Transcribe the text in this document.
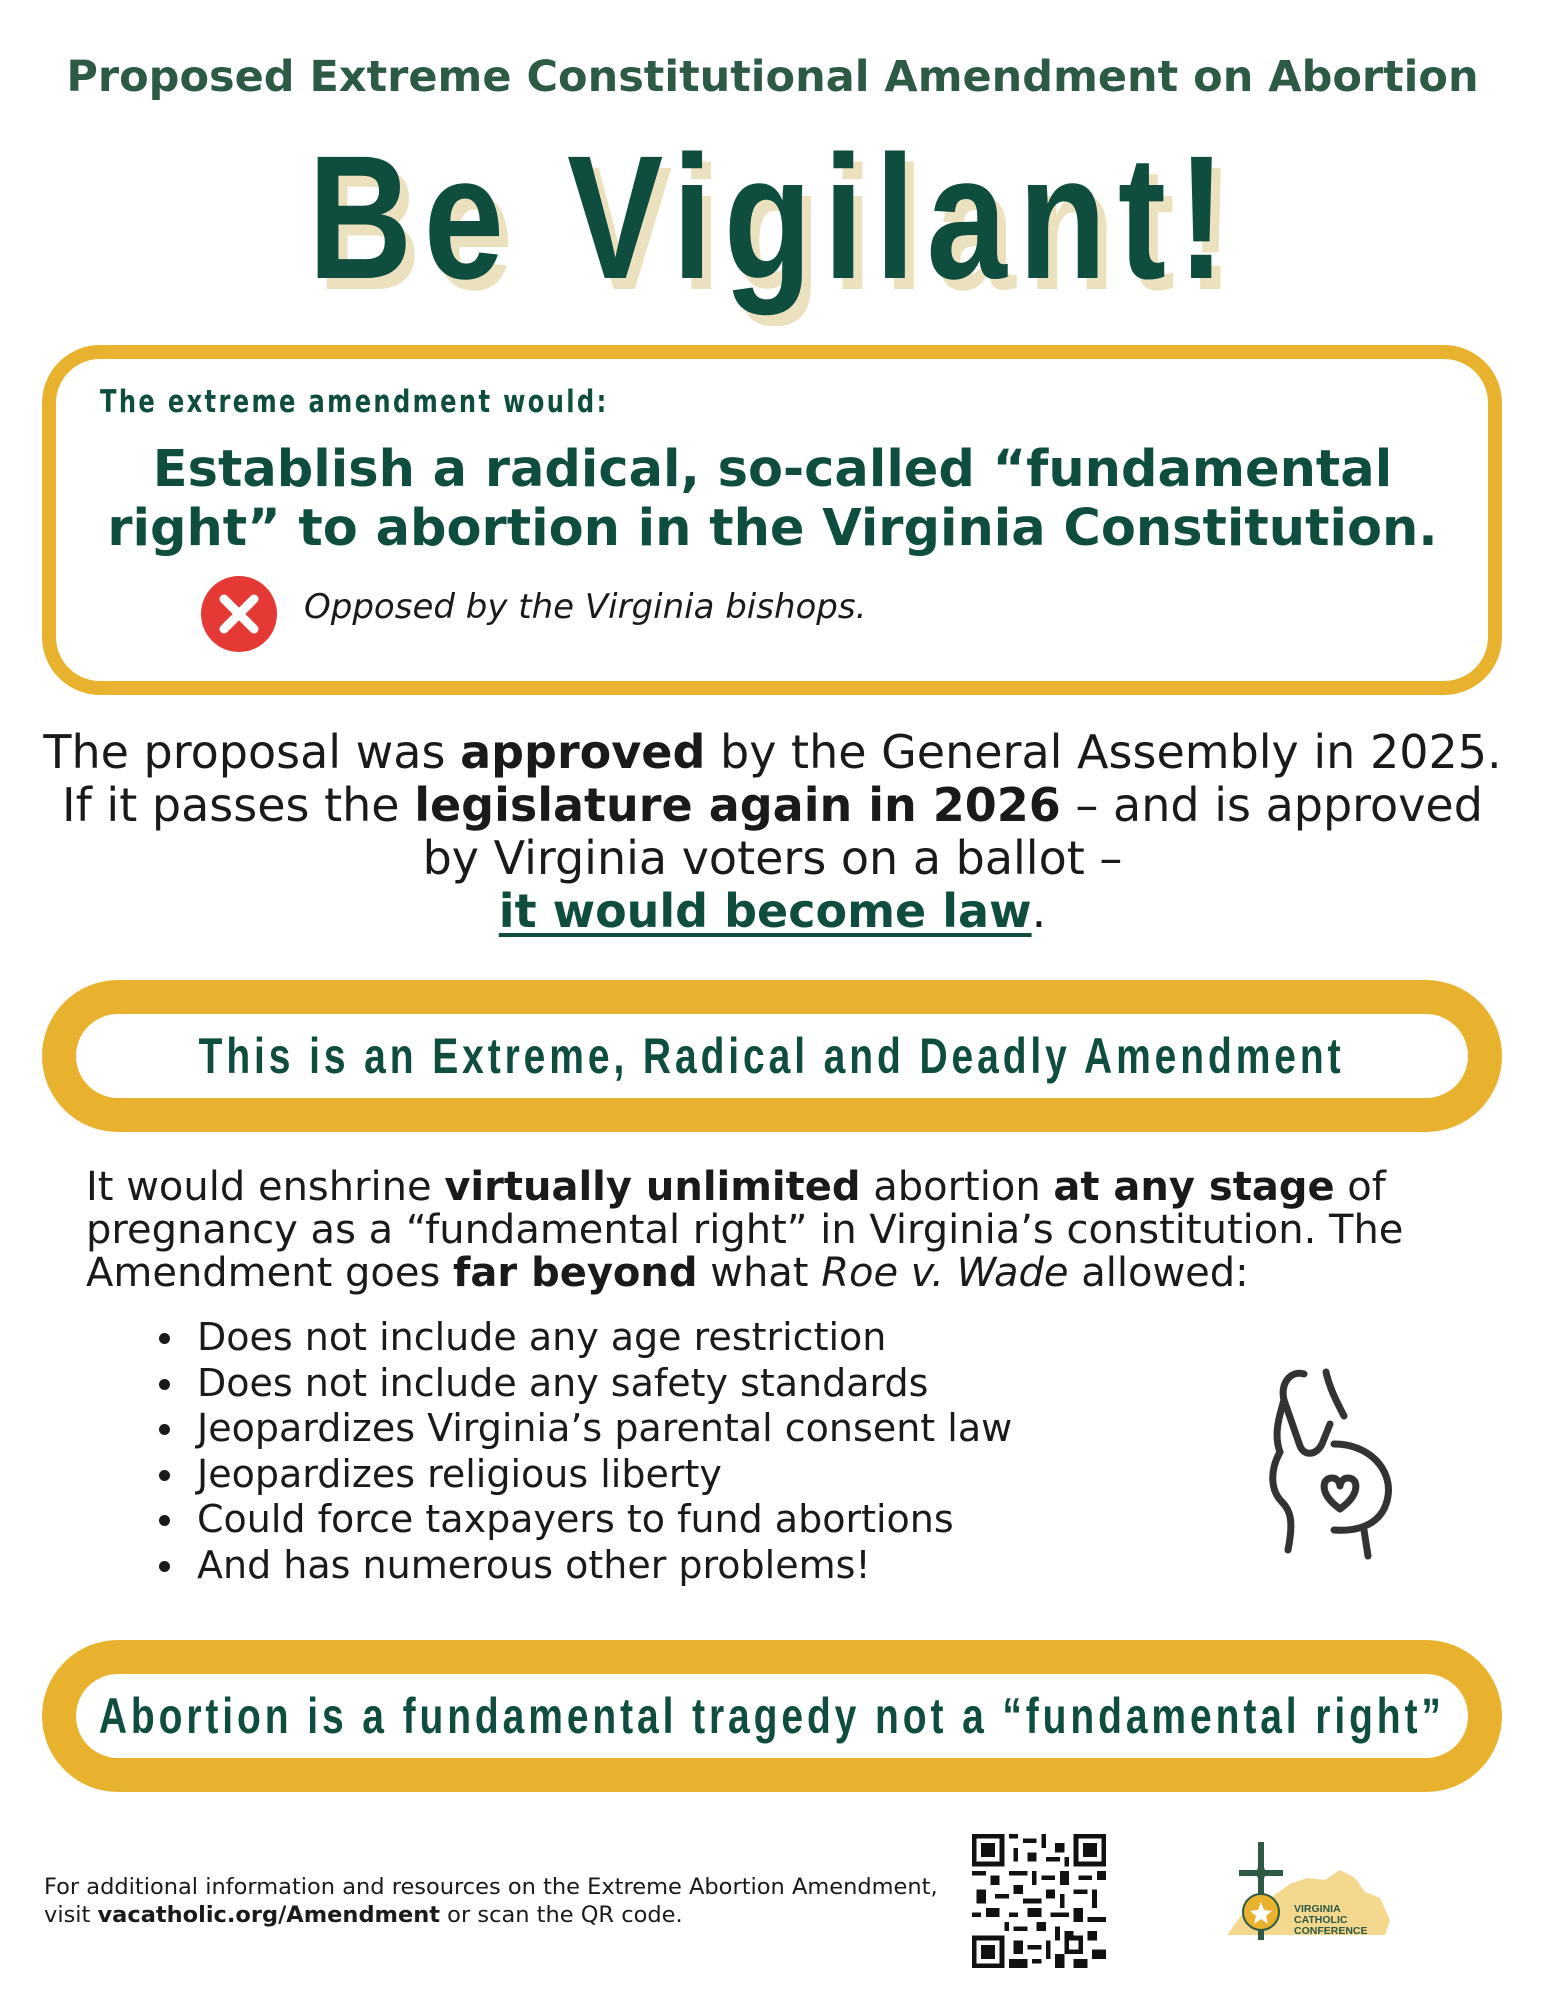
Proposed Extreme Constitutional Amendment on Abortion
Be Vigilant!
The extreme amendment would:
Establish a radical, so-called “fundamental right” to abortion in the Virginia Constitution.
Opposed by the Virginia bishops.
The proposal was approved by the General Assembly in 2025. If it passes the legislature again in 2026 – and is approved by Virginia voters on a ballot –
it would become law.
This is an Extreme, Radical and Deadly Amendment
It would enshrine virtually unlimited abortion at any stage of pregnancy as a “fundamental right” in Virginia’s constitution. The Amendment goes far beyond what Roe v. Wade allowed:
Does not include any age restriction
Does not include any safety standards
Jeopardizes Virginia’s parental consent law
Jeopardizes religious liberty
Could force taxpayers to fund abortions
And has numerous other problems!
Abortion is a fundamental tragedy not a “fundamental right”
For additional information and resources on the Extreme Abortion Amendment, visit vacatholic.org/Amendment or scan the QR code.	VIRGINIA
CATHOLIC
CONFERENCE
